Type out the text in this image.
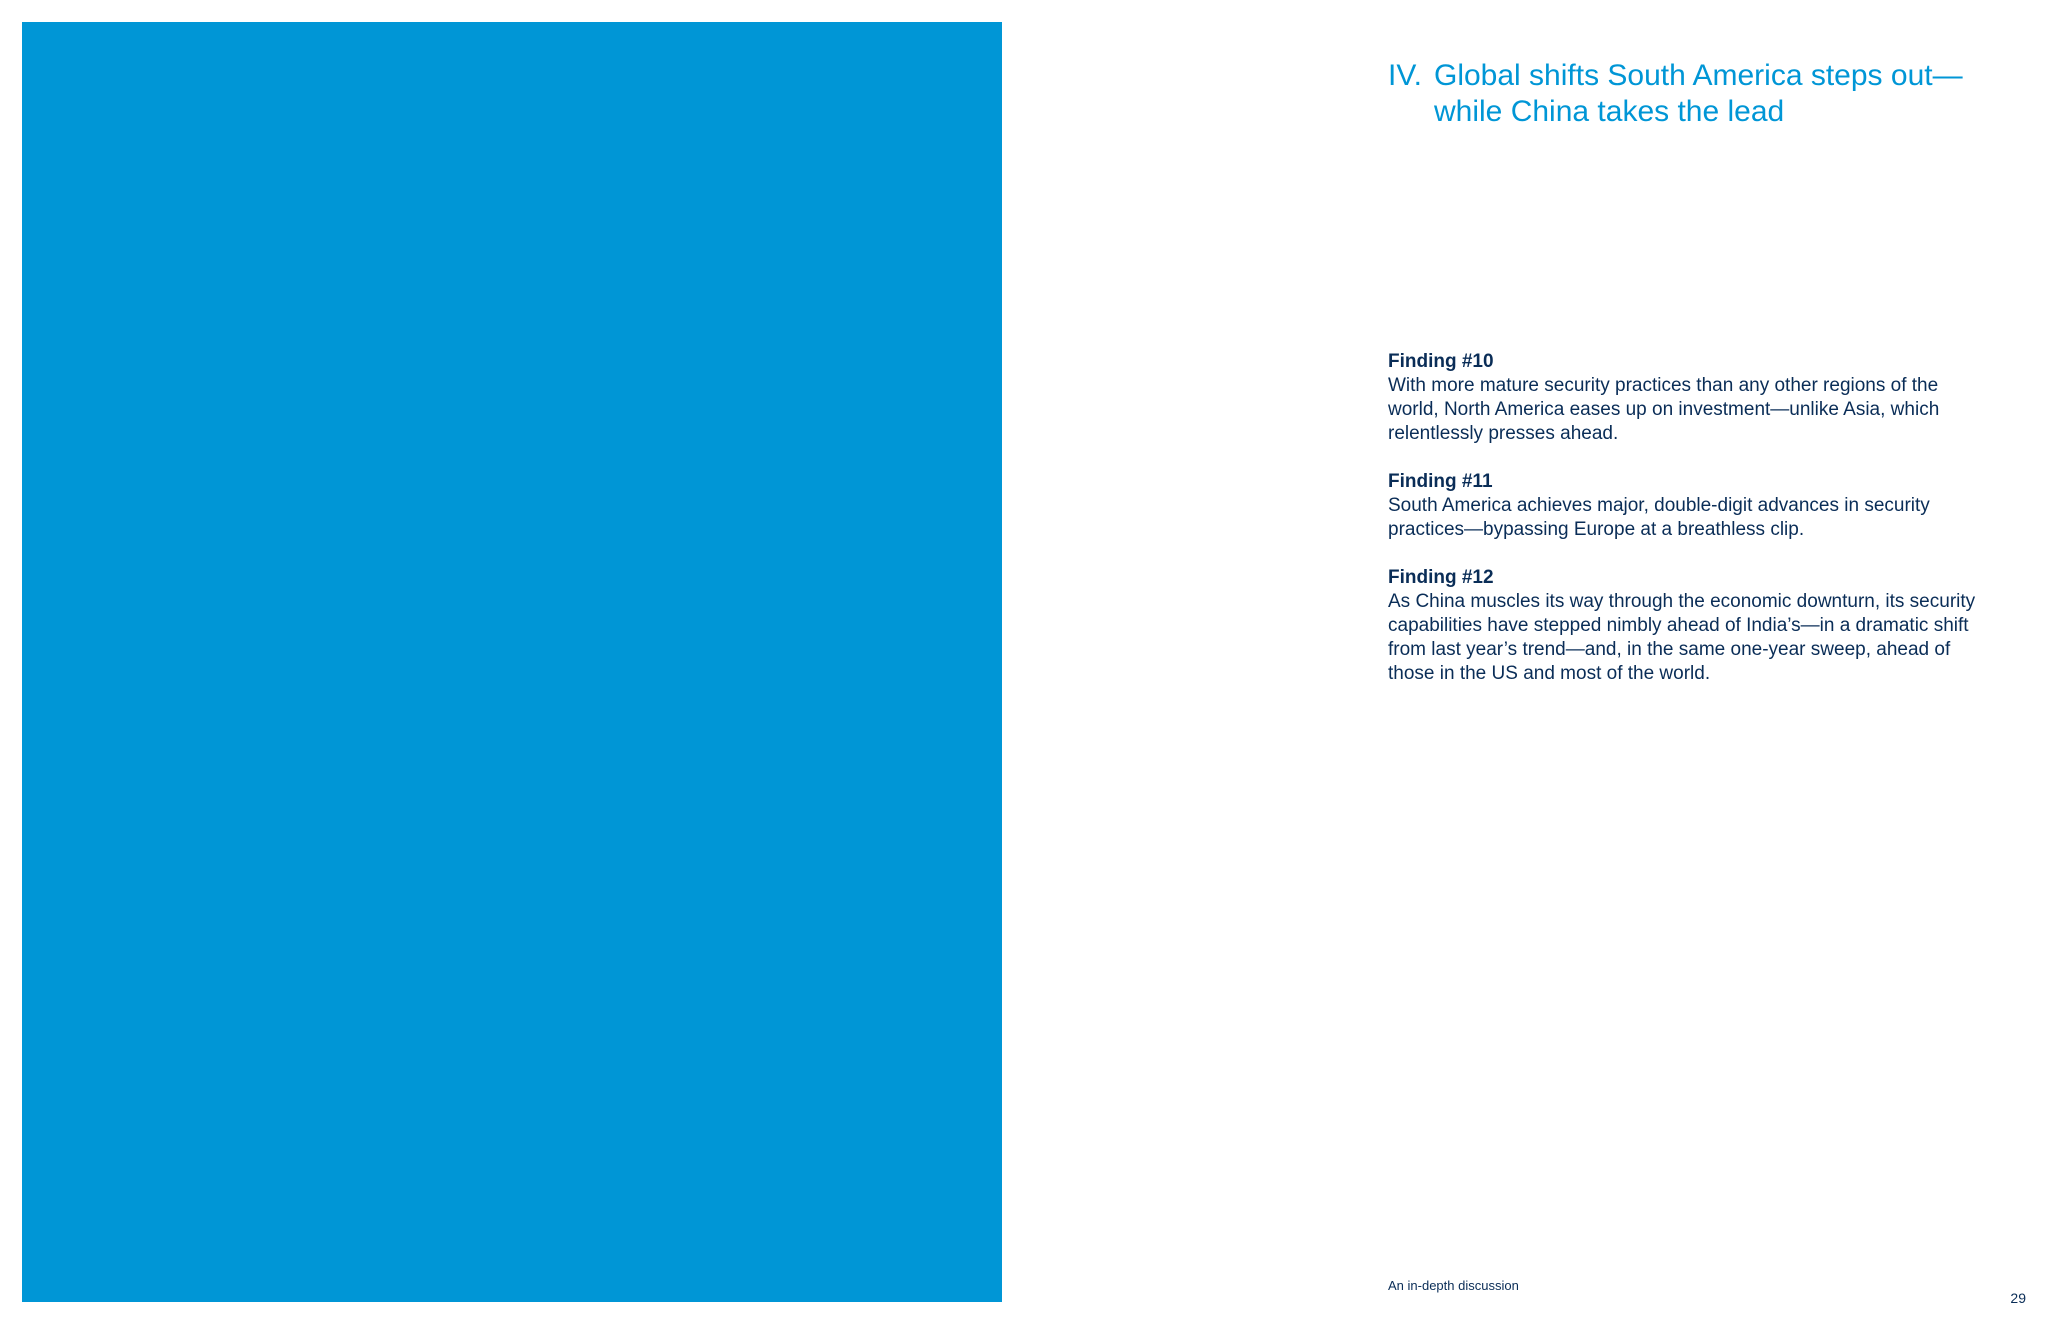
IV. Global shifts South America steps out—while China takes the lead
Finding #10
With more mature security practices than any other regions of the world, North America eases up on investment—unlike Asia, which relentlessly presses ahead.
Finding #11
South America achieves major, double-digit advances in security practices—bypassing Europe at a breathless clip.
Finding #12
As China muscles its way through the economic downturn, its security capabilities have stepped nimbly ahead of India’s—in a dramatic shift from last year’s trend—and, in the same one-year sweep, ahead of those in the US and most of the world.
An in-depth discussion
29
